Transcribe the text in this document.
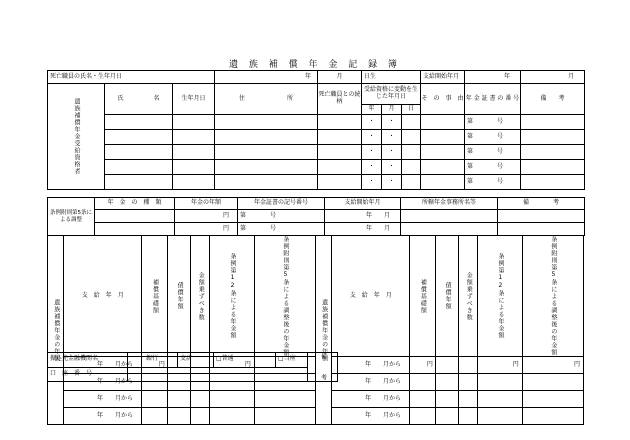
遺 族 補 償 年 金 記 録 簿
死亡職員の氏名・生年月日			年	月	日生			支給開始年月	年	月

遺族補償年金受給資格者	氏　　　　　名	生年月日	住　　　　　　　所	死亡職員との続柄	受給資格に変動を生じた年月日			そ　の　事　由	年 金 証 書 の 番 号	備　　考
					年	月	日			
					・	・			第　　　　号	
					・	・			第　　　　号	
					・	・			第　　　　号	
					・	・			第　　　　号	
					・	・			第　　　　号	
条例附則第5条による調整	年　金　の　種　類	年金の年額	年金証書の記号番号	支給開始年月	所轄年金事務所名等	備　　　　考
		円	第　　　　号	年　　月		
		円	第　　　　号	年　　月		
遺族補償年金の年額	支　給　年　月	補償基礎額	債償年額	金額乗ずべき数	条例第12条による年金額	条例附則第5条による調整後の年金額	遺族補償年金の年額	支　給　年　月	補償基礎額	債償年額	金額乗ずべき数	条例第12条による年金額	条例附則第5条による調整後の年金額

	年　　月から	円			円			年　　月から	円			円	円
	年　　月から							年　　月から					
	年　　月から							年　　月から					
	年　　月から							年　　月から					
振込先金融機関名	銀行	支店	□普通	□当座	備　　考

口　座　番　号					
